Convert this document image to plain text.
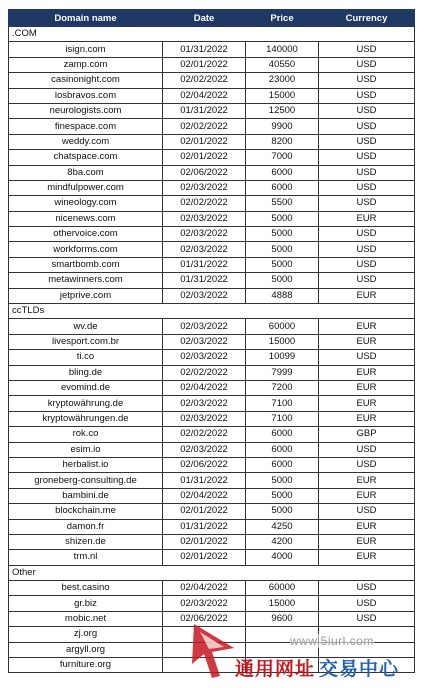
Domain name	Date	Price	Currency
.COM			
isign.com	01/31/2022	140000	USD
zamp.com	02/01/2022	40550	USD
casinonight.com	02/02/2022	23000	USD
losbravos.com	02/04/2022	15000	USD
neurologists.com	01/31/2022	12500	USD
finespace.com	02/02/2022	9900	USD
weddy.com	02/01/2022	8200	USD
chatspace.com	02/01/2022	7000	USD
8ba.com	02/06/2022	6000	USD
mindfulpower.com	02/03/2022	6000	USD
wineology.com	02/02/2022	5500	USD
nicenews.com	02/03/2022	5000	EUR
othervoice.com	02/03/2022	5000	USD
workforms.com	02/03/2022	5000	USD
smartbomb.com	01/31/2022	5000	USD
metawinners.com	01/31/2022	5000	USD
jetprive.com	02/03/2022	4888	EUR
ccTLDs			
wv.de	02/03/2022	60000	EUR
livesport.com.br	02/03/2022	15000	EUR
ti.co	02/03/2022	10099	USD
bling.de	02/02/2022	7999	EUR
evomind.de	02/04/2022	7200	EUR
kryptowährung.de	02/03/2022	7100	EUR
kryptowährungen.de	02/03/2022	7100	EUR
rok.co	02/02/2022	6000	GBP
esim.io	02/03/2022	6000	USD
herbalist.io	02/06/2022	6000	USD
groneberg-consulting.de	01/31/2022	5000	EUR
bambini.de	02/04/2022	5000	EUR
blockchain.me	02/01/2022	5000	USD
damon.fr	01/31/2022	4250	EUR
shizen.de	02/01/2022	4200	EUR
trm.nl	02/01/2022	4000	EUR
Other			
best.casino	02/04/2022	60000	USD
gr.biz	02/03/2022	15000	USD
mobic.net	02/06/2022	9600	USD
zj.org			
argyll.org			
furniture.org			
www.5iurl.com
通用网址 交易中心
